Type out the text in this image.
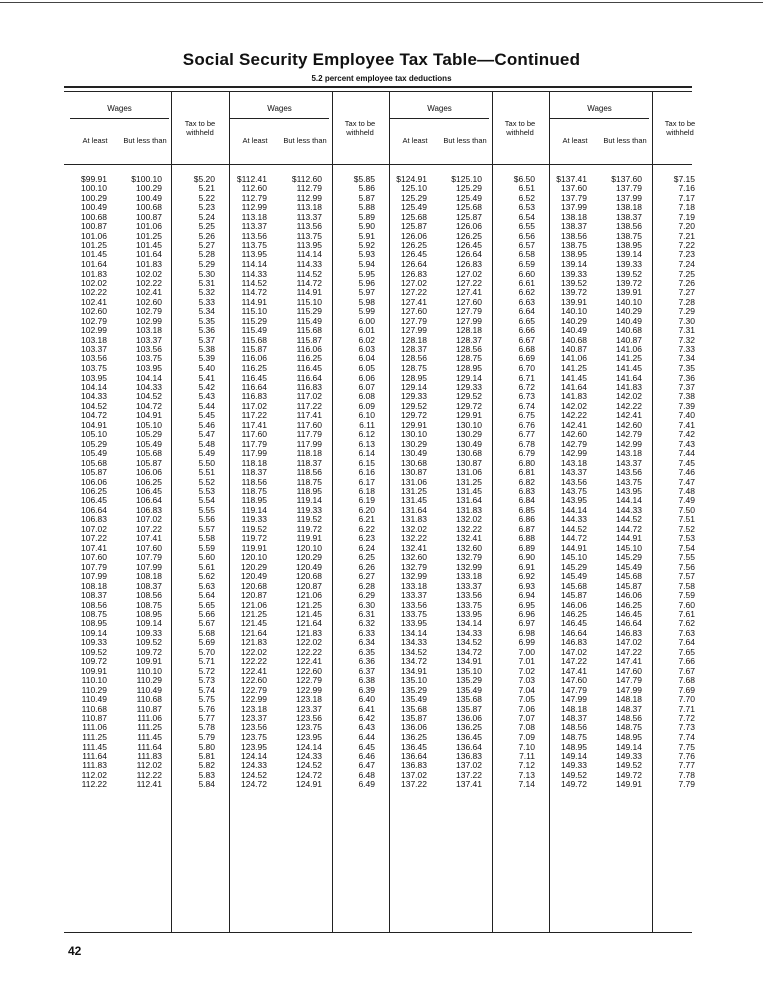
Social Security Employee Tax Table—Continued
5.2 percent employee tax deductions
Wages
At least	But less than
Tax to be withheld
Wages
At least	But less than
Tax to be withheld
Wages
At least	But less than
Tax to be withheld
Wages
At least	But less than
Tax to be withheld
$99.91	$100.10	$5.20	$112.41	$112.60	$5.85	$124.91	$125.10	$6.50	$137.41	$137.60	$7.15
100.10	100.29	5.21	112.60	112.79	5.86	125.10	125.29	6.51	137.60	137.79	7.16
100.29	100.49	5.22	112.79	112.99	5.87	125.29	125.49	6.52	137.79	137.99	7.17
100.49	100.68	5.23	112.99	113.18	5.88	125.49	125.68	6.53	137.99	138.18	7.18
100.68	100.87	5.24	113.18	113.37	5.89	125.68	125.87	6.54	138.18	138.37	7.19
100.87	101.06	5.25	113.37	113.56	5.90	125.87	126.06	6.55	138.37	138.56	7.20
101.06	101.25	5.26	113.56	113.75	5.91	126.06	126.25	6.56	138.56	138.75	7.21
101.25	101.45	5.27	113.75	113.95	5.92	126.25	126.45	6.57	138.75	138.95	7.22
101.45	101.64	5.28	113.95	114.14	5.93	126.45	126.64	6.58	138.95	139.14	7.23
101.64	101.83	5.29	114.14	114.33	5.94	126.64	126.83	6.59	139.14	139.33	7.24
101.83	102.02	5.30	114.33	114.52	5.95	126.83	127.02	6.60	139.33	139.52	7.25
102.02	102.22	5.31	114.52	114.72	5.96	127.02	127.22	6.61	139.52	139.72	7.26
102.22	102.41	5.32	114.72	114.91	5.97	127.22	127.41	6.62	139.72	139.91	7.27
102.41	102.60	5.33	114.91	115.10	5.98	127.41	127.60	6.63	139.91	140.10	7.28
102.60	102.79	5.34	115.10	115.29	5.99	127.60	127.79	6.64	140.10	140.29	7.29
102.79	102.99	5.35	115.29	115.49	6.00	127.79	127.99	6.65	140.29	140.49	7.30
102.99	103.18	5.36	115.49	115.68	6.01	127.99	128.18	6.66	140.49	140.68	7.31
103.18	103.37	5.37	115.68	115.87	6.02	128.18	128.37	6.67	140.68	140.87	7.32
103.37	103.56	5.38	115.87	116.06	6.03	128.37	128.56	6.68	140.87	141.06	7.33
103.56	103.75	5.39	116.06	116.25	6.04	128.56	128.75	6.69	141.06	141.25	7.34
103.75	103.95	5.40	116.25	116.45	6.05	128.75	128.95	6.70	141.25	141.45	7.35
103.95	104.14	5.41	116.45	116.64	6.06	128.95	129.14	6.71	141.45	141.64	7.36
104.14	104.33	5.42	116.64	116.83	6.07	129.14	129.33	6.72	141.64	141.83	7.37
104.33	104.52	5.43	116.83	117.02	6.08	129.33	129.52	6.73	141.83	142.02	7.38
104.52	104.72	5.44	117.02	117.22	6.09	129.52	129.72	6.74	142.02	142.22	7.39
104.72	104.91	5.45	117.22	117.41	6.10	129.72	129.91	6.75	142.22	142.41	7.40
104.91	105.10	5.46	117.41	117.60	6.11	129.91	130.10	6.76	142.41	142.60	7.41
105.10	105.29	5.47	117.60	117.79	6.12	130.10	130.29	6.77	142.60	142.79	7.42
105.29	105.49	5.48	117.79	117.99	6.13	130.29	130.49	6.78	142.79	142.99	7.43
105.49	105.68	5.49	117.99	118.18	6.14	130.49	130.68	6.79	142.99	143.18	7.44
105.68	105.87	5.50	118.18	118.37	6.15	130.68	130.87	6.80	143.18	143.37	7.45
105.87	106.06	5.51	118.37	118.56	6.16	130.87	131.06	6.81	143.37	143.56	7.46
106.06	106.25	5.52	118.56	118.75	6.17	131.06	131.25	6.82	143.56	143.75	7.47
106.25	106.45	5.53	118.75	118.95	6.18	131.25	131.45	6.83	143.75	143.95	7.48
106.45	106.64	5.54	118.95	119.14	6.19	131.45	131.64	6.84	143.95	144.14	7.49
106.64	106.83	5.55	119.14	119.33	6.20	131.64	131.83	6.85	144.14	144.33	7.50
106.83	107.02	5.56	119.33	119.52	6.21	131.83	132.02	6.86	144.33	144.52	7.51
107.02	107.22	5.57	119.52	119.72	6.22	132.02	132.22	6.87	144.52	144.72	7.52
107.22	107.41	5.58	119.72	119.91	6.23	132.22	132.41	6.88	144.72	144.91	7.53
107.41	107.60	5.59	119.91	120.10	6.24	132.41	132.60	6.89	144.91	145.10	7.54
107.60	107.79	5.60	120.10	120.29	6.25	132.60	132.79	6.90	145.10	145.29	7.55
107.79	107.99	5.61	120.29	120.49	6.26	132.79	132.99	6.91	145.29	145.49	7.56
107.99	108.18	5.62	120.49	120.68	6.27	132.99	133.18	6.92	145.49	145.68	7.57
108.18	108.37	5.63	120.68	120.87	6.28	133.18	133.37	6.93	145.68	145.87	7.58
108.37	108.56	5.64	120.87	121.06	6.29	133.37	133.56	6.94	145.87	146.06	7.59
108.56	108.75	5.65	121.06	121.25	6.30	133.56	133.75	6.95	146.06	146.25	7.60
108.75	108.95	5.66	121.25	121.45	6.31	133.75	133.95	6.96	146.25	146.45	7.61
108.95	109.14	5.67	121.45	121.64	6.32	133.95	134.14	6.97	146.45	146.64	7.62
109.14	109.33	5.68	121.64	121.83	6.33	134.14	134.33	6.98	146.64	146.83	7.63
109.33	109.52	5.69	121.83	122.02	6.34	134.33	134.52	6.99	146.83	147.02	7.64
109.52	109.72	5.70	122.02	122.22	6.35	134.52	134.72	7.00	147.02	147.22	7.65
109.72	109.91	5.71	122.22	122.41	6.36	134.72	134.91	7.01	147.22	147.41	7.66
109.91	110.10	5.72	122.41	122.60	6.37	134.91	135.10	7.02	147.41	147.60	7.67
110.10	110.29	5.73	122.60	122.79	6.38	135.10	135.29	7.03	147.60	147.79	7.68
110.29	110.49	5.74	122.79	122.99	6.39	135.29	135.49	7.04	147.79	147.99	7.69
110.49	110.68	5.75	122.99	123.18	6.40	135.49	135.68	7.05	147.99	148.18	7.70
110.68	110.87	5.76	123.18	123.37	6.41	135.68	135.87	7.06	148.18	148.37	7.71
110.87	111.06	5.77	123.37	123.56	6.42	135.87	136.06	7.07	148.37	148.56	7.72
111.06	111.25	5.78	123.56	123.75	6.43	136.06	136.25	7.08	148.56	148.75	7.73
111.25	111.45	5.79	123.75	123.95	6.44	136.25	136.45	7.09	148.75	148.95	7.74
111.45	111.64	5.80	123.95	124.14	6.45	136.45	136.64	7.10	148.95	149.14	7.75
111.64	111.83	5.81	124.14	124.33	6.46	136.64	136.83	7.11	149.14	149.33	7.76
111.83	112.02	5.82	124.33	124.52	6.47	136.83	137.02	7.12	149.33	149.52	7.77
112.02	112.22	5.83	124.52	124.72	6.48	137.02	137.22	7.13	149.52	149.72	7.78
112.22	112.41	5.84	124.72	124.91	6.49	137.22	137.41	7.14	149.72	149.91	7.79
42
